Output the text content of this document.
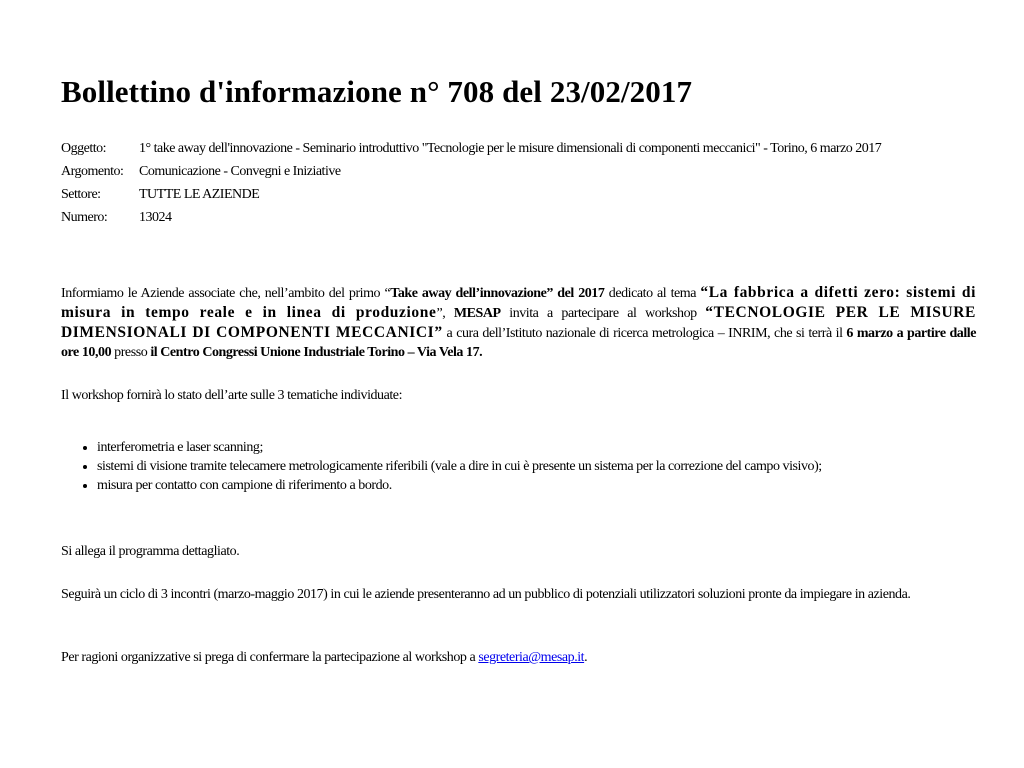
Bollettino d'informazione n° 708 del 23/02/2017
Oggetto:	1° take away dell'innovazione - Seminario introduttivo "Tecnologie per le misure dimensionali di componenti meccanici" - Torino, 6 marzo 2017
Argomento:	Comunicazione - Convegni e Iniziative
Settore:	TUTTE LE AZIENDE
Numero:	13024
Informiamo le Aziende associate che, nell’ambito del primo “Take away dell’innovazione” del 2017 dedicato al tema “La fabbrica a difetti zero: sistemi di misura in tempo reale e in linea di produzione”, MESAP invita a partecipare al workshop “TECNOLOGIE PER LE MISURE DIMENSIONALI DI COMPONENTI MECCANICI” a cura dell’Istituto nazionale di ricerca metrologica – INRIM, che si terrà il 6 marzo a partire dalle ore 10,00 presso il Centro Congressi Unione Industriale Torino – Via Vela 17.
Il workshop fornirà lo stato dell’arte sulle 3 tematiche individuate:
• interferometria e laser scanning;
• sistemi di visione tramite telecamere metrologicamente riferibili (vale a dire in cui è presente un sistema per la correzione del campo visivo);
• misura per contatto con campione di riferimento a bordo.
Si allega il programma dettagliato.
Seguirà un ciclo di 3 incontri (marzo-maggio 2017) in cui le aziende presenteranno ad un pubblico di potenziali utilizzatori soluzioni pronte da impiegare in azienda.
Per ragioni organizzative si prega di confermare la partecipazione al workshop a segreteria@mesap.it.
